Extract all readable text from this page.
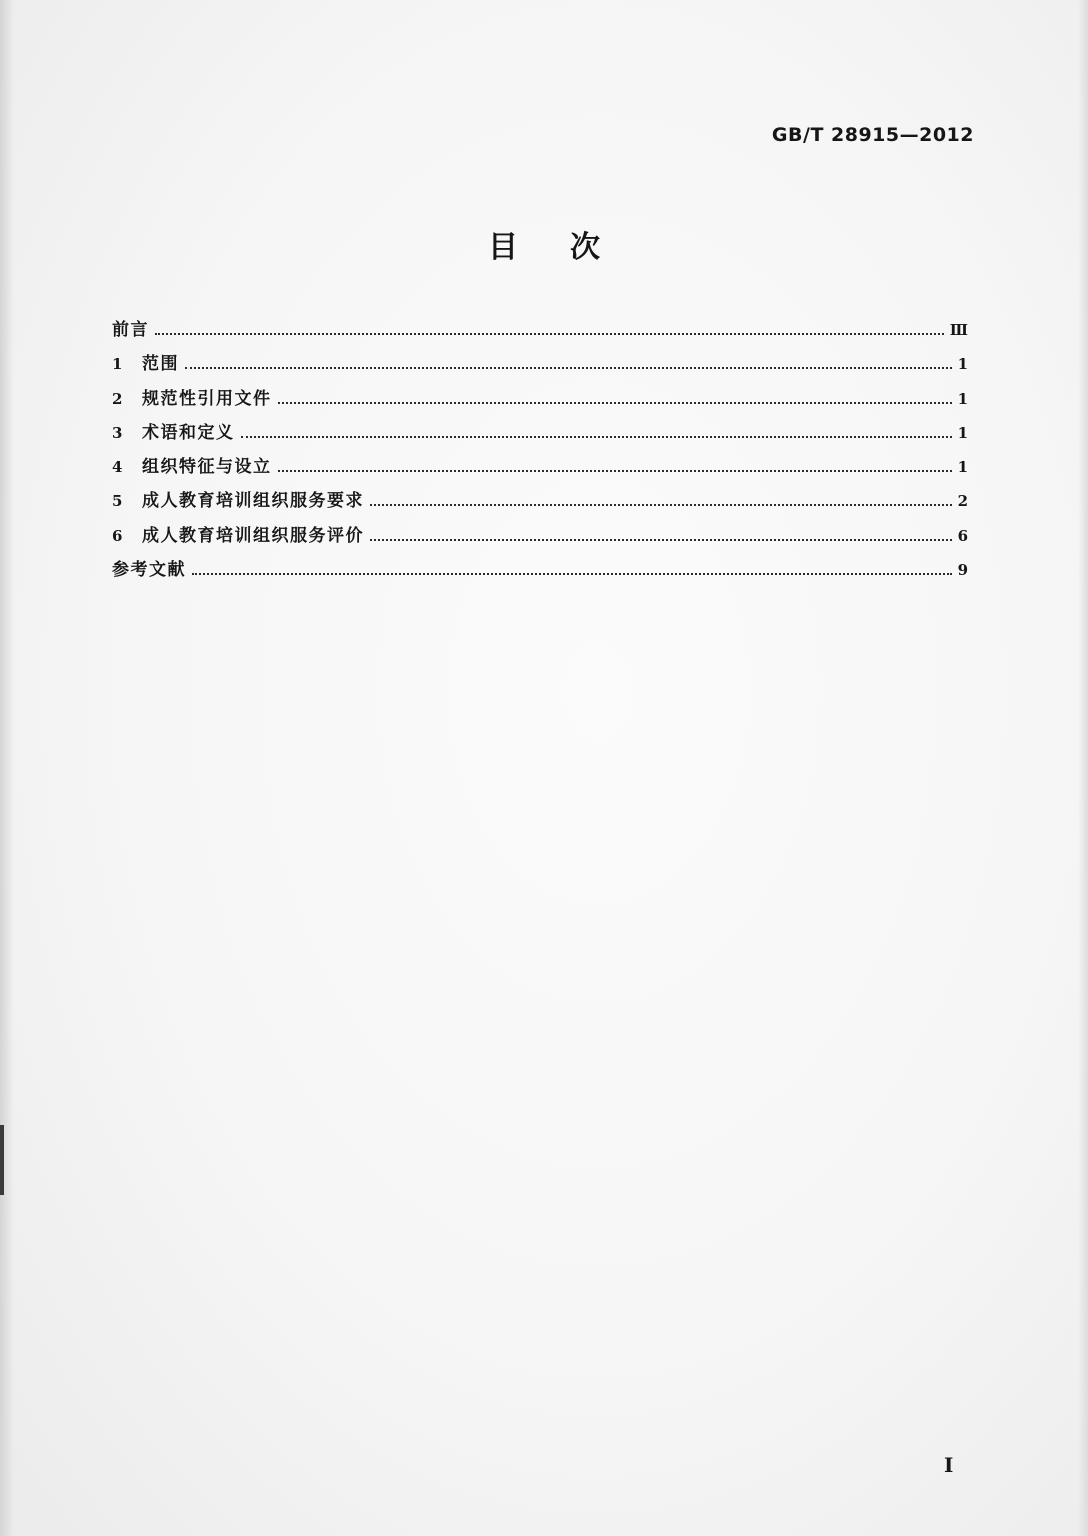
GB/T 28915—2012
目次
前言	Ⅲ
1	范围	1
2	规范性引用文件	1
3	术语和定义	1
4	组织特征与设立	1
5	成人教育培训组织服务要求	2
6	成人教育培训组织服务评价	6
参考文献	9
I
